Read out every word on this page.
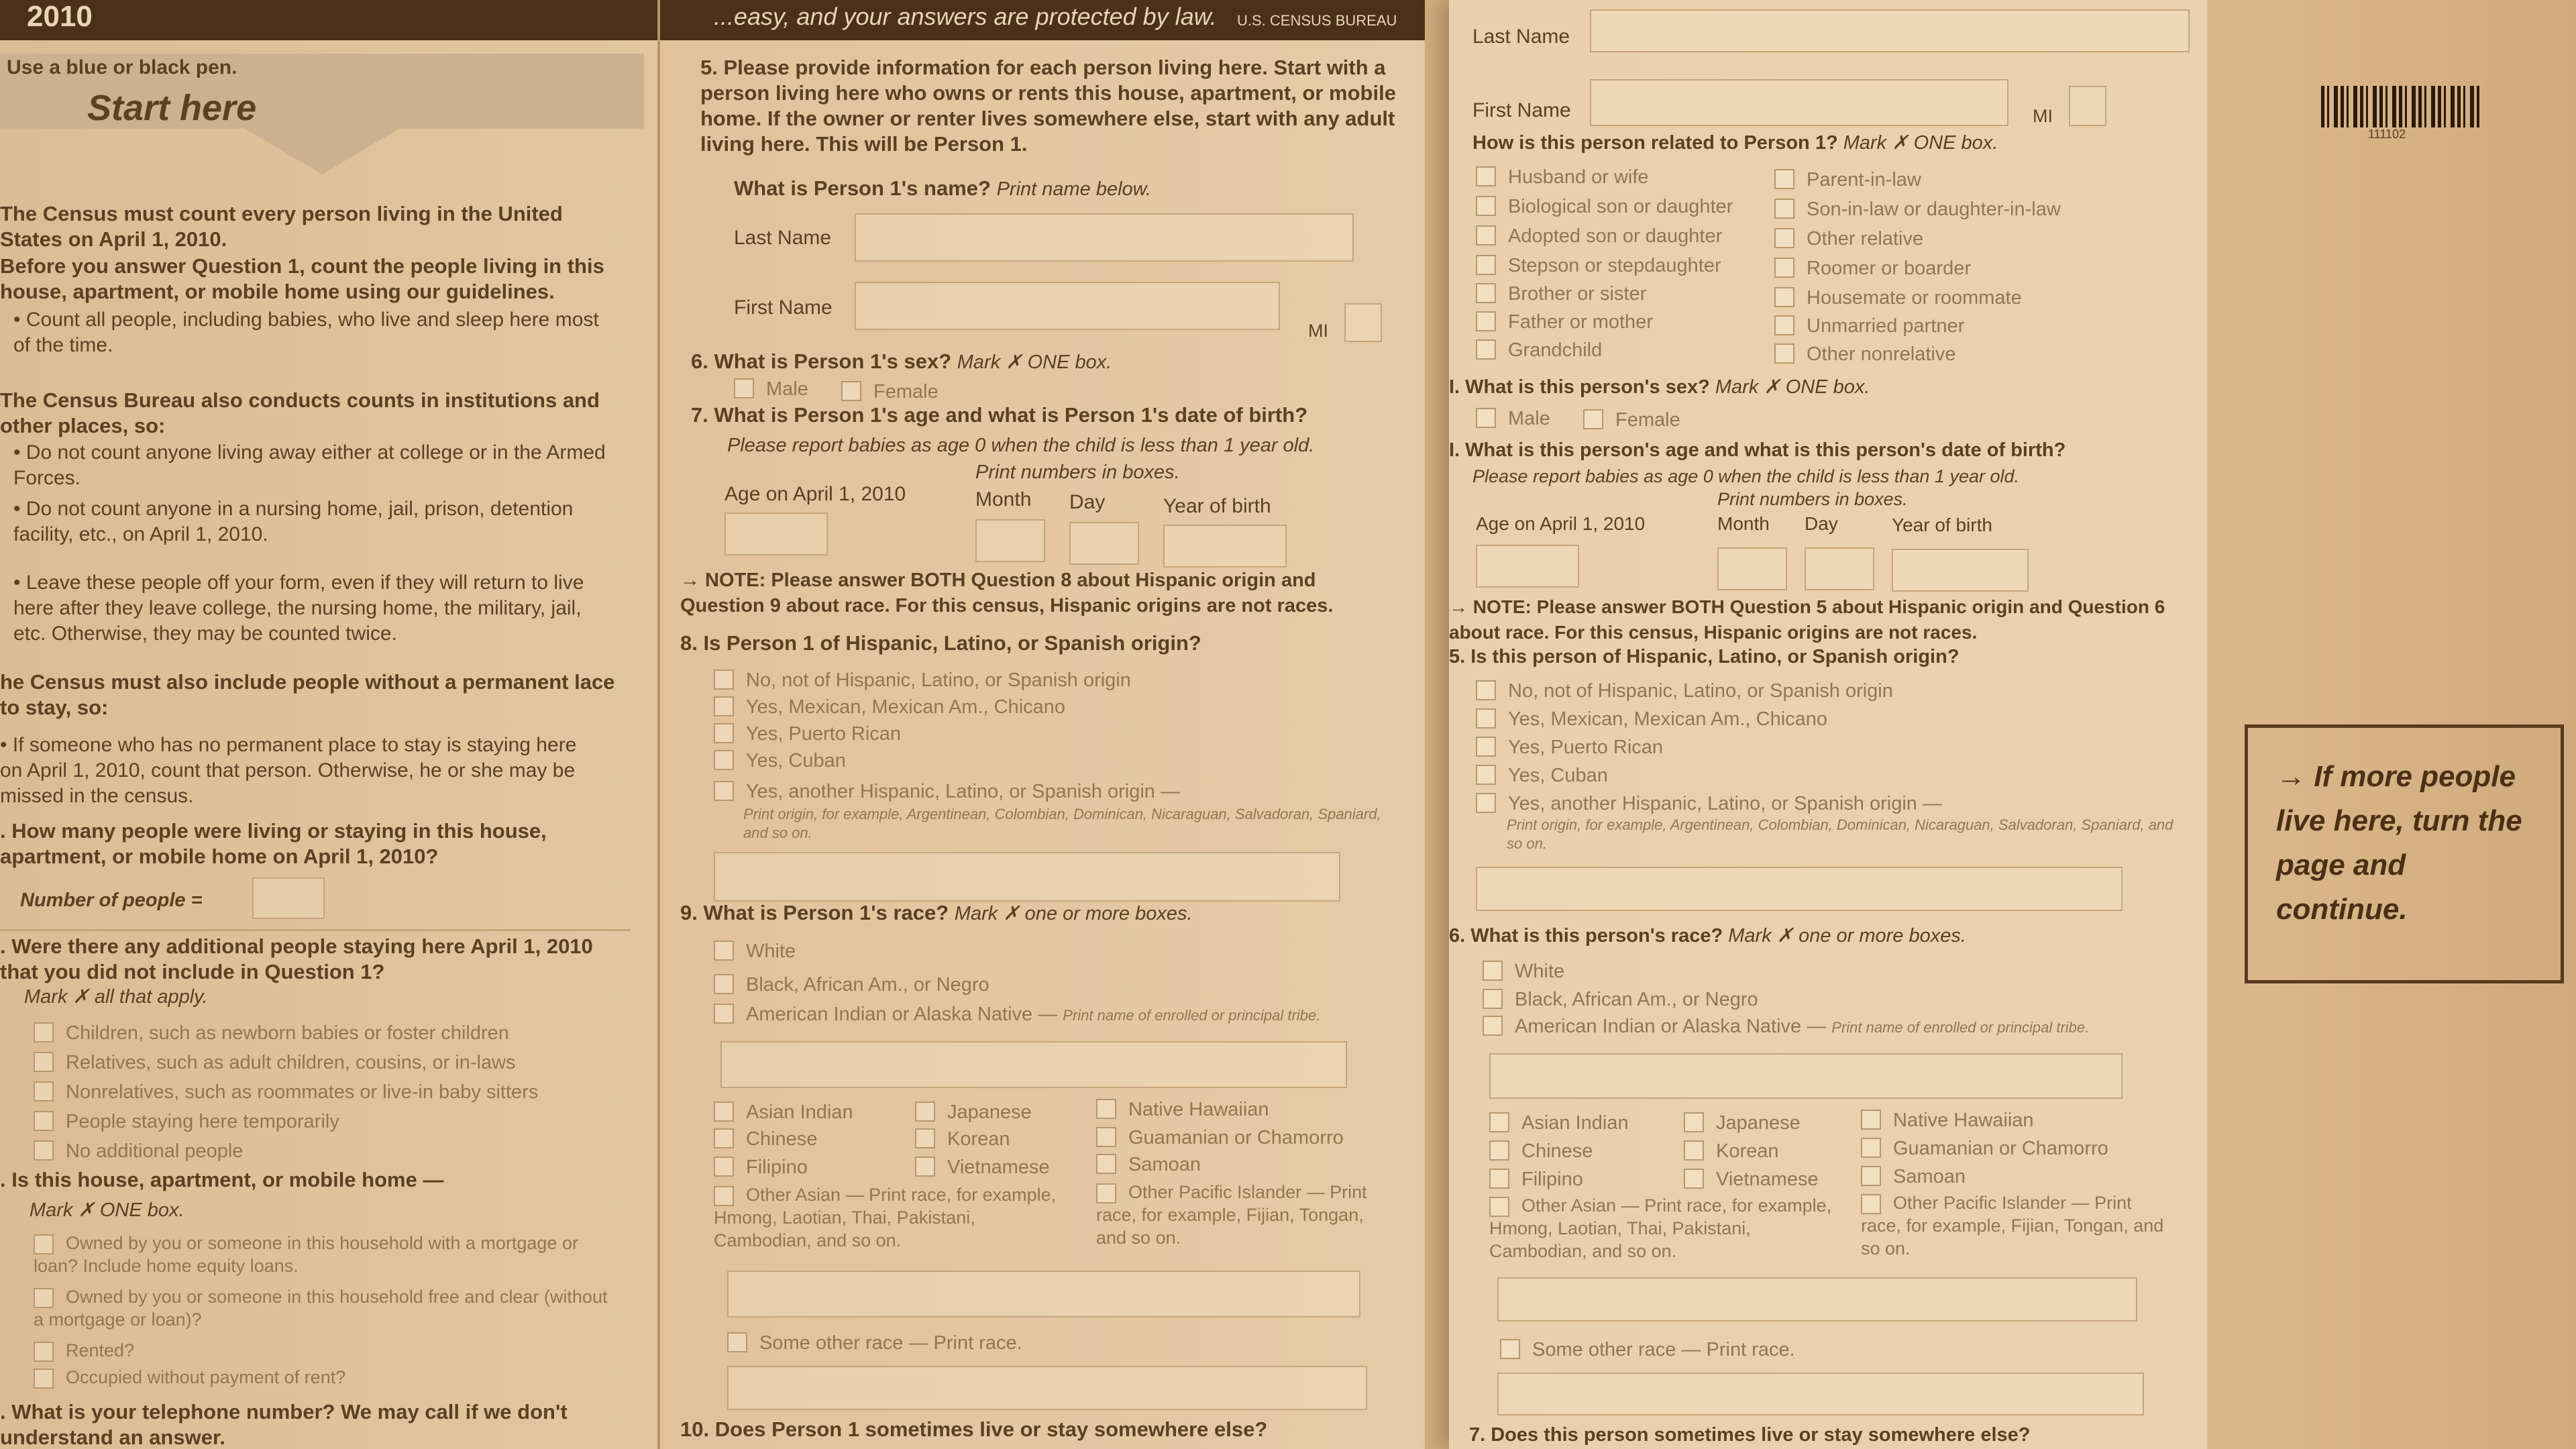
2010
Use a blue or black pen.
Start here
The Census must count every person living in the United States on April 1, 2010.
Before you answer Question 1, count the people living in this house, apartment, or mobile home using our guidelines.
• Count all people, including babies, who live and sleep here most of the time.
The Census Bureau also conducts counts in institutions and other places, so:
• Do not count anyone living away either at college or in the Armed Forces.
• Do not count anyone in a nursing home, jail, prison, detention facility, etc., on April 1, 2010.
• Leave these people off your form, even if they will return to live here after they leave college, the nursing home, the military, jail, etc. Otherwise, they may be counted twice.
he Census must also include people without a permanent lace to stay, so:
• If someone who has no permanent place to stay is staying here on April 1, 2010, count that person. Otherwise, he or she may be missed in the census.
. How many people were living or staying in this house, apartment, or mobile home on April 1, 2010?
Number of people =
. Were there any additional people staying here April 1, 2010 that you did not include in Question 1?
Mark ✗ all that apply.
Children, such as newborn babies or foster children
Relatives, such as adult children, cousins, or in-laws
Nonrelatives, such as roommates or live-in baby sitters
People staying here temporarily
No additional people
. Is this house, apartment, or mobile home —
Mark ✗ ONE box.
Owned by you or someone in this household with a mortgage or loan? Include home equity loans.
Owned by you or someone in this household free and clear (without a mortgage or loan)?
Rented?
Occupied without payment of rent?
. What is your telephone number? We may call if we don't understand an answer.
...easy, and your answers are protected by law. U.S. CENSUS BUREAU
5. Please provide information for each person living here. Start with a person living here who owns or rents this house, apartment, or mobile home. If the owner or renter lives somewhere else, start with any adult living here. This will be Person 1.
What is Person 1's name? Print name below.
Last Name
First Name
MI
6. What is Person 1's sex? Mark ✗ ONE box.
Male	Female
7. What is Person 1's age and what is Person 1's date of birth?
Please report babies as age 0 when the child is less than 1 year old.
Print numbers in boxes.
Age on April 1, 2010	Month Day	Year of birth
→ NOTE: Please answer BOTH Question 8 about Hispanic origin and Question 9 about race. For this census, Hispanic origins are not races.
8. Is Person 1 of Hispanic, Latino, or Spanish origin?
No, not of Hispanic, Latino, or Spanish origin
Yes, Mexican, Mexican Am., Chicano
Yes, Puerto Rican
Yes, Cuban
Yes, another Hispanic, Latino, or Spanish origin —
Print origin, for example, Argentinean, Colombian, Dominican, Nicaraguan, Salvadoran, Spaniard, and so on.
9. What is Person 1's race? Mark ✗ one or more boxes.
White
Black, African Am., or Negro
American Indian or Alaska Native — Print name of enrolled or principal tribe.
Asian Indian
Chinese
Filipino
Japanese
Korean
Vietnamese
Native Hawaiian
Guamanian or Chamorro
Samoan
Other Asian — Print race, for example, Hmong, Laotian, Thai, Pakistani, Cambodian, and so on.
Other Pacific Islander — Print race, for example, Fijian, Tongan, and so on.
Some other race — Print race.
10. Does Person 1 sometimes live or stay somewhere else?
Last Name
First Name	MI
How is this person related to Person 1? Mark ✗ ONE box.
Husband or wife
Biological son or daughter
Adopted son or daughter
Stepson or stepdaughter
Brother or sister
Father or mother
Grandchild
Parent-in-law
Son-in-law or daughter-in-law
Other relative
Roomer or boarder
Housemate or roommate
Unmarried partner
Other nonrelative
I. What is this person's sex? Mark ✗ ONE box.
Male	Female
I. What is this person's age and what is this person's date of birth?
Please report babies as age 0 when the child is less than 1 year old.
Print numbers in boxes.
Age on April 1, 2010	Month Day	Year of birth
→ NOTE: Please answer BOTH Question 5 about Hispanic origin and Question 6 about race. For this census, Hispanic origins are not races.
5. Is this person of Hispanic, Latino, or Spanish origin?
No, not of Hispanic, Latino, or Spanish origin
Yes, Mexican, Mexican Am., Chicano
Yes, Puerto Rican
Yes, Cuban
Yes, another Hispanic, Latino, or Spanish origin —
Print origin, for example, Argentinean, Colombian, Dominican, Nicaraguan, Salvadoran, Spaniard, and so on.
6. What is this person's race? Mark ✗ one or more boxes.
White
Black, African Am., or Negro
American Indian or Alaska Native — Print name of enrolled or principal tribe.
Asian Indian
Chinese
Filipino
Japanese
Korean
Vietnamese
Native Hawaiian
Guamanian or Chamorro
Samoan
Other Asian — Print race, for example, Hmong, Laotian, Thai, Pakistani, Cambodian, and so on.
Other Pacific Islander — Print race, for example, Fijian, Tongan, and so on.
Some other race — Print race.
7. Does this person sometimes live or stay somewhere else?
111102
→ If more people live here, turn the page and continue.
